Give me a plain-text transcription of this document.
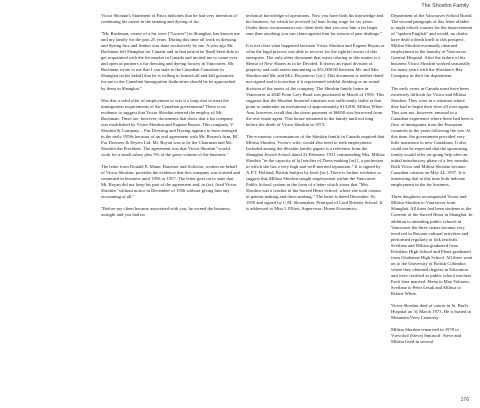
The Shoshin Family

Victor Shoshin's Statement of Facts indicates that he had very intention of continuing his career in the tanning and dyeing of fur.

"Mr. Buchman, owner of a fur store ("Louvre") in Shanghai, has known me and my family for the past 25 years. During this time all work in dressing and dyeing furs and leather was done exclusively by me. A year ago Mr. Buchman left Shanghai for Canada and in that period he [had] been able to get acquainted with the fur market in Canada and invited me to come over and open as partners a fur dressing and dyeing factory in Vancouver. Mr. Buchman wrote to me that I can state to the Canadian Consulate in Shanghai on his behalf that he is willing to furnish all and full guarantee for me to the Canadian Immigration Authorities should he be approached by them in Shanghai."

Was this a solid offer of employment or was it a long shot to meet the immigration requirements of the Canadian government? There is no evidence to suggest that Victor Shoshin entered the employ of Mr. Buchman. There are, however, documents that show that a fur company was established by Victor Shoshin and Eugene Boyan. This company, V. Shoshin & Company – Fur Dressing and Dyeing appears to have emerged in the early 1950s because of an oral agreement with Mr. Boyan's firm, BC Fur Dressers & Dryers Ltd. Mr. Boyan was to be the Chairman and Mr. Shoshin the President. The agreement was that Victor Shoshin "would work for a small salary plus 5% of the gross volume of the business."

The letter from Donald E. Mann, Barrister and Solicitor, written on behalf of Victor Shoshin, provides the evidence that this company was formed and continued in business until 1956 or 1957. The letter goes on to state that Mr. Boyan did not keep his part of the agreement and, in fact, fired Victor Shoshin "without notice in December of 1956 without giving him any accounting at all."

"Before my client became associated with you, he owned the business outright and you had no

technical knowledge of operations. Now you have both his knowledge and his business, for which he received [a] bare living wage for six years. Under these circumstances my client feels that you owe him a far larger sum than anything you can claim against him for reason of past dealings."

It is not clear what happened between Victor Shoshin and Eugene Boyan or what the legal process was able to recover for the rightful owner of this enterprise. The only other document that exists relating to this matter is a Memo of New Shares as to be Divided. It shows an equal division of property and cash assets amounting to $51,000.00 between Mr. and Mrs. Shoshin and Mr. and Mrs. Boyanovsc [sic]. This document is neither dated nor signed and it is unclear if it represented wishful thinking or an actual division of the assets of the company. The Shoshin family home in Vancouver at 2640 Point Grey Road was purchased in March of 1956. This suggests that the Shoshin financial situation was sufficiently stable at that point to undertake an investment of approximately $13,000. Militsa White Ann, however, recall that the down payment of $6000 was borrowed from the real estate agent. This house remained in the family until not long before the death of Victor Shoshin in 1973.

The economic circumstances of the Shoshin family in Canada required that Militsa Shoshin, Victor's wife, would also need to seek employment. Included among the Shoshin family papers is a reference from the Shanghai Jewish School dated 22 February 1951 commending Mrs. Militsa Shoshin "in the capacity of [a] teacher of Dress-making [as] [, a profession in which she has a very high and well-merited reputation." It is signed by A.F.T. Holland, British Subject by birth [sic]. There is further evidence to suggest that Militsa Shoshin sought employment within the Vancouver Public School system in the form of a letter which states that "Mrs. Shoshin was a teacher in the Sacred Heart School, where she took classes in pattern making and dress making." The letter is dated December 16, 1950 and signed by C.M. Shoemaker, Principal of Lord Roberts School. It is addressed to Miss I. Elliott, Supervisor, Home Economics

Department of the Vancouver School Board. The second paragraph of this letter alludes to night school courses for the improvement of "spoken English" and would, no doubt, have dealt a death knell to this prospect. Militsa Shoshin eventually obtained employment in the laundry of Vancouver General Hospital. After the failure of his business Victor Shoshin worked seasonally for many years with the Shoshon's Bay Company in their fur department.

The early years in Canada must have been extremely difficult for Victor and Militsa Shoshin. They were in a situation where they had to begin their lives all over again. This was not, however, unusual in a Canadian experience where there had been a flow of immigrants from the European countries in the years following the war. At this time, the government provided very little assistance to new Canadians. It also could not be expected that the sponsoring family would offer on-going help after an initial introductory phase of a few months. Both Victor and Militsa Shoshin became Canadian citizens on May 24, 1957. It is interesting that at this time both indicate employment in the fur business.

Three daughters accompanied Victor and Militsa Shoshin to Vancouver from Shanghai. All three had been students at the Convent of the Sacred Heart in Shanghai. In addition to attending public schools in Vancouver the three sisters became very involved in Russian cultural activities and performed regularly at folk festivals. Svetlana and Militsa graduated from Kitsilano High School and Elena graduated from Gladstone High School. All three went on to the University of British Columbia where they obtained degrees in Education and were certified as public school teachers. Each later married: Elena to Max Voltaren, Svetlana to Peter Lesak and Militsa to Robert White.

Victor Shoshin died of cancer in St. Paul's Hospital on 31 March 1973. He is buried in Mountain View Cemetery.

Militsa Shoshin remarried in 1978 to Vsevolod (Steve) Smirnoff. Steve and Militsa lived in several

176
